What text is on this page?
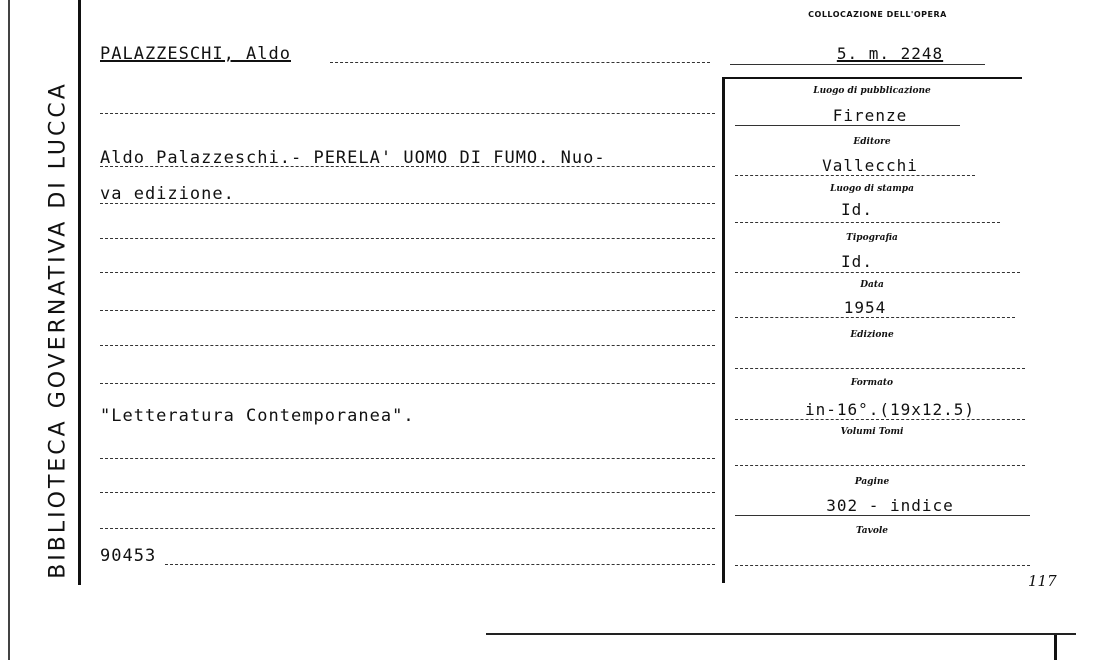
BIBLIOTECA GOVERNATIVA DI LUCCA
PALAZZESCHI, Aldo
Aldo Palazzeschi.- PERELA' UOMO DI FUMO. Nuo-
va edizione.
"Letteratura Contemporanea".
90453
COLLOCAZIONE DELL'OPERA
5. m. 2248
Luogo di pubblicazione
Firenze
Editore
Vallecchi
Luogo di stampa
Id.
Tipografia
Id.
Data
1954
Edizione
Formato
in-16°.(19x12.5)
Volumi Tomi
Pagine
302 - indice
Tavole
117
